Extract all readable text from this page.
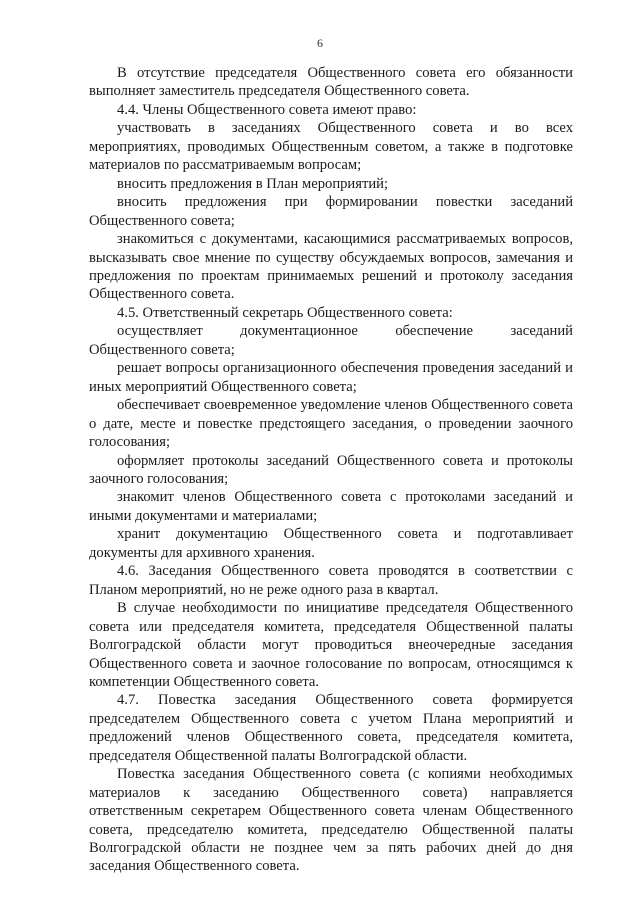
6

В отсутствие председателя Общественного совета его обязанности выполняет заместитель председателя Общественного совета.

4.4. Члены Общественного совета имеют право:

участвовать в заседаниях Общественного совета и во всех мероприятиях, проводимых Общественным советом, а также в подготовке материалов по рассматриваемым вопросам;

вносить предложения в План мероприятий;

вносить предложения при формировании повестки заседаний Общественного совета;

знакомиться с документами, касающимися рассматриваемых вопросов, высказывать свое мнение по существу обсуждаемых вопросов, замечания и предложения по проектам принимаемых решений и протоколу заседания Общественного совета.

4.5. Ответственный секретарь Общественного совета:

осуществляет документационное обеспечение заседаний Общественного совета;

решает вопросы организационного обеспечения проведения заседаний и иных мероприятий Общественного совета;

обеспечивает своевременное уведомление членов Общественного совета о дате, месте и повестке предстоящего заседания, о проведении заочного голосования;

оформляет протоколы заседаний Общественного совета и протоколы заочного голосования;

знакомит членов Общественного совета с протоколами заседаний и иными документами и материалами;

хранит документацию Общественного совета и подготавливает документы для архивного хранения.

4.6. Заседания Общественного совета проводятся в соответствии с Планом мероприятий, но не реже одного раза в квартал.

В случае необходимости по инициативе председателя Общественного совета или председателя комитета, председателя Общественной палаты Волгоградской области могут проводиться внеочередные заседания Общественного совета и заочное голосование по вопросам, относящимся к компетенции Общественного совета.

4.7. Повестка заседания Общественного совета формируется председателем Общественного совета с учетом Плана мероприятий и предложений членов Общественного совета, председателя комитета, председателя Общественной палаты Волгоградской области.

Повестка заседания Общественного совета (с копиями необходимых материалов к заседанию Общественного совета) направляется ответственным секретарем Общественного совета членам Общественного совета, председателю комитета, председателю Общественной палаты Волгоградской области не позднее чем за пять рабочих дней до дня заседания Общественного совета.
